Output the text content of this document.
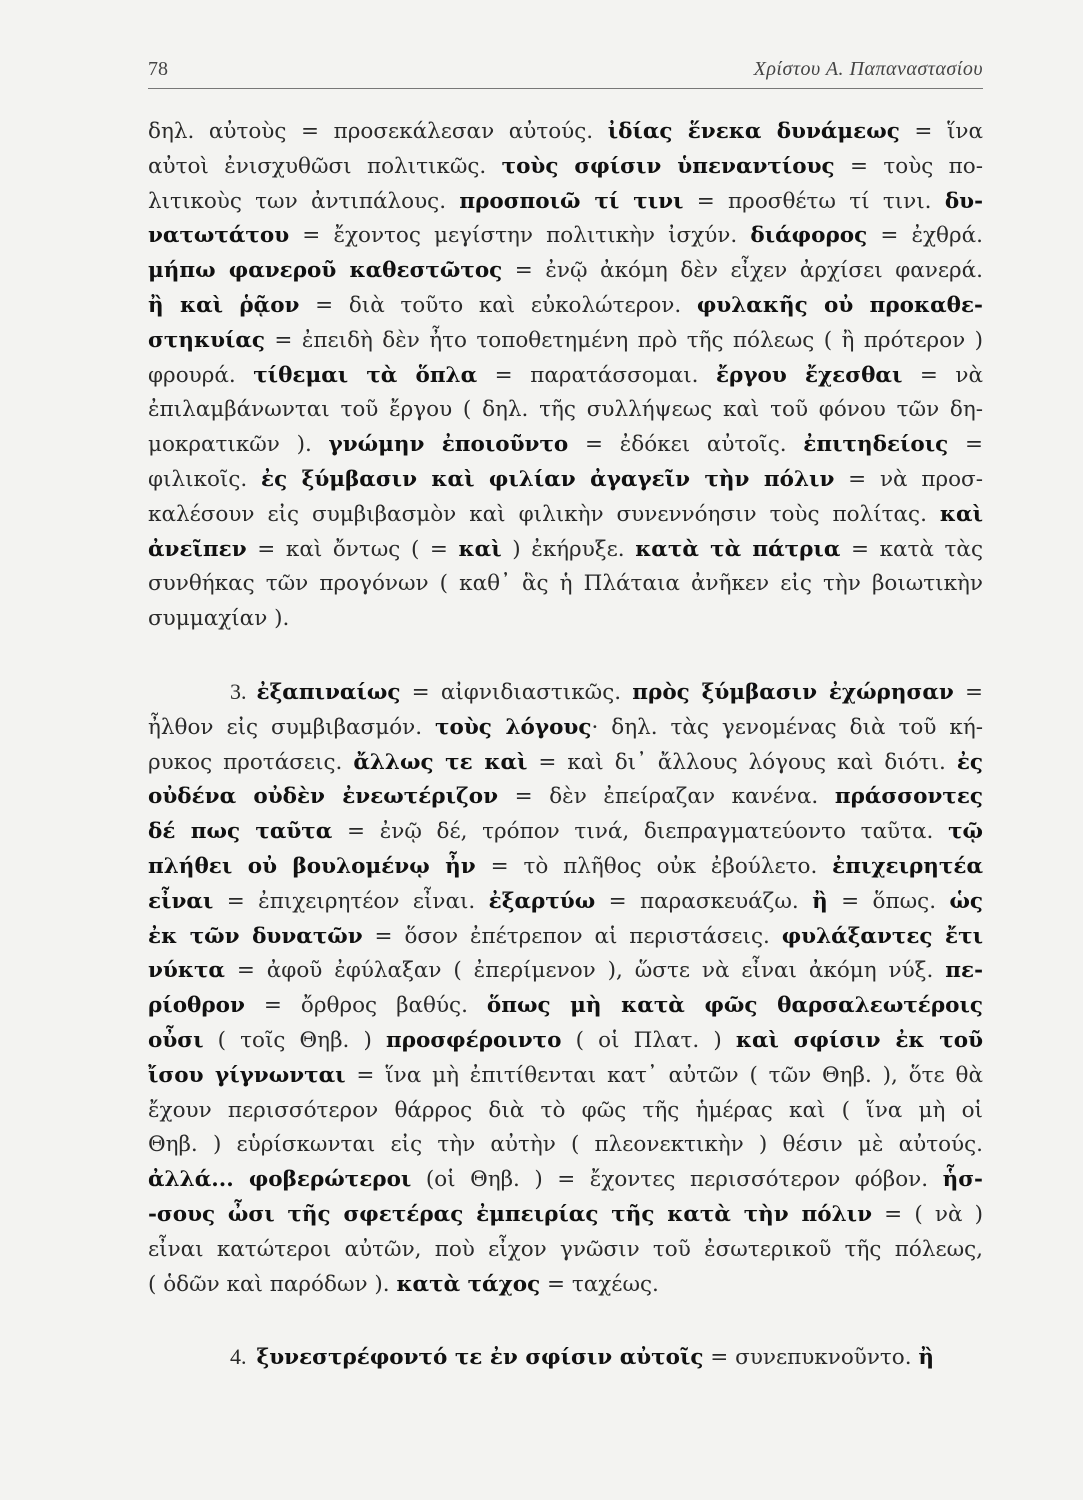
78	Χρίστου Α. Παπαναστασίου
δηλ. αὐτοὺς = προσεκάλεσαν αὐτούς. ἰδίας ἕνεκα δυνάμεως = ἵνα
αὐτοὶ ἐνισχυθῶσι πολιτικῶς. τοὺς σφίσιν ὑπεναντίους = τοὺς πο-
λιτικοὺς των ἀντιπάλους. προσποιῶ τί τινι = προσθέτω τί τινι. δυ-
νατωτάτου = ἔχοντος μεγίστην πολιτικὴν ἰσχύν. διάφορος = ἐχθρά.
μήπω φανεροῦ καθεστῶτος = ἐνῷ ἀκόμη δὲν εἶχεν ἀρχίσει φανερά.
ἢ καὶ ῥᾷον = διὰ τοῦτο καὶ εὐκολώτερον. φυλακῆς οὐ προκαθε-
στηκυίας = ἐπειδὴ δὲν ἦτο τοποθετημένη πρὸ τῆς πόλεως ( ἢ πρότερον )
φρουρά. τίθεμαι τὰ ὅπλα = παρατάσσομαι. ἔργου ἔχεσθαι = νὰ
ἐπιλαμβάνωνται τοῦ ἔργου ( δηλ. τῆς συλλήψεως καὶ τοῦ φόνου τῶν δη-
μοκρατικῶν ). γνώμην ἐποιοῦντο = ἐδόκει αὐτοῖς. ἐπιτηδείοις =
φιλικοῖς. ἐς ξύμβασιν καὶ φιλίαν ἀγαγεῖν τὴν πόλιν = νὰ προσ-
καλέσουν εἰς συμβιβασμὸν καὶ φιλικὴν συνεννόησιν τοὺς πολίτας. καὶ
ἀνεῖπεν = καὶ ὄντως ( = καὶ ) ἐκήρυξε. κατὰ τὰ πάτρια = κατὰ τὰς
συνθήκας τῶν προγόνων ( καθ᾽ ἃς ἡ Πλάταια ἀνῆκεν εἰς τὴν βοιωτικὴν
συμμαχίαν ).
3. ἐξαπιναίως = αἰφνιδιαστικῶς. πρὸς ξύμβασιν ἐχώρησαν =
ἦλθον εἰς συμβιβασμόν. τοὺς λόγους· δηλ. τὰς γενομένας διὰ τοῦ κή-
ρυκος προτάσεις. ἄλλως τε καὶ = καὶ δι᾽ ἄλλους λόγους καὶ διότι. ἐς
οὐδένα οὐδὲν ἐνεωτέριζον = δὲν ἐπείραζαν κανένα. πράσσοντες
δέ πως ταῦτα = ἐνῷ δέ, τρόπον τινά, διεπραγματεύοντο ταῦτα. τῷ
πλήθει οὐ βουλομένῳ ἦν = τὸ πλῆθος οὐκ ἐβούλετο. ἐπιχειρητέα
εἶναι = ἐπιχειρητέον εἶναι. ἐξαρτύω = παρασκευάζω. ἢ = ὅπως. ὡς
ἐκ τῶν δυνατῶν = ὅσον ἐπέτρεπον αἱ περιστάσεις. φυλάξαντες ἔτι
νύκτα = ἀφοῦ ἐφύλαξαν ( ἐπερίμενον ), ὥστε νὰ εἶναι ἀκόμη νύξ. πε-
ρίοθρον = ὄρθρος βαθύς. ὅπως μὴ κατὰ φῶς θαρσαλεωτέροις
οὖσι ( τοῖς Θηβ. ) προσφέροιντο ( οἱ Πλατ. ) καὶ σφίσιν ἐκ τοῦ
ἴσου γίγνωνται = ἵνα μὴ ἐπιτίθενται κατ᾽ αὐτῶν ( τῶν Θηβ. ), ὅτε θὰ
ἔχουν περισσότερον θάρρος διὰ τὸ φῶς τῆς ἡμέρας καὶ ( ἵνα μὴ οἱ
Θηβ. ) εὑρίσκωνται εἰς τὴν αὐτὴν ( πλεονεκτικὴν ) θέσιν μὲ αὐτούς.
ἀλλά... φοβερώτεροι (οἱ Θηβ. ) = ἔχοντες περισσότερον φόβον. ἧσ-
-σους ὦσι τῆς σφετέρας ἐμπειρίας τῆς κατὰ τὴν πόλιν = ( νὰ )
εἶναι κατώτεροι αὐτῶν, ποὺ εἶχον γνῶσιν τοῦ ἐσωτερικοῦ τῆς πόλεως,
( ὁδῶν καὶ παρόδων ). κατὰ τάχος = ταχέως.
4. ξυνεστρέφοντό τε ἐν σφίσιν αὐτοῖς = συνεπυκνοῦντο. ἢ
